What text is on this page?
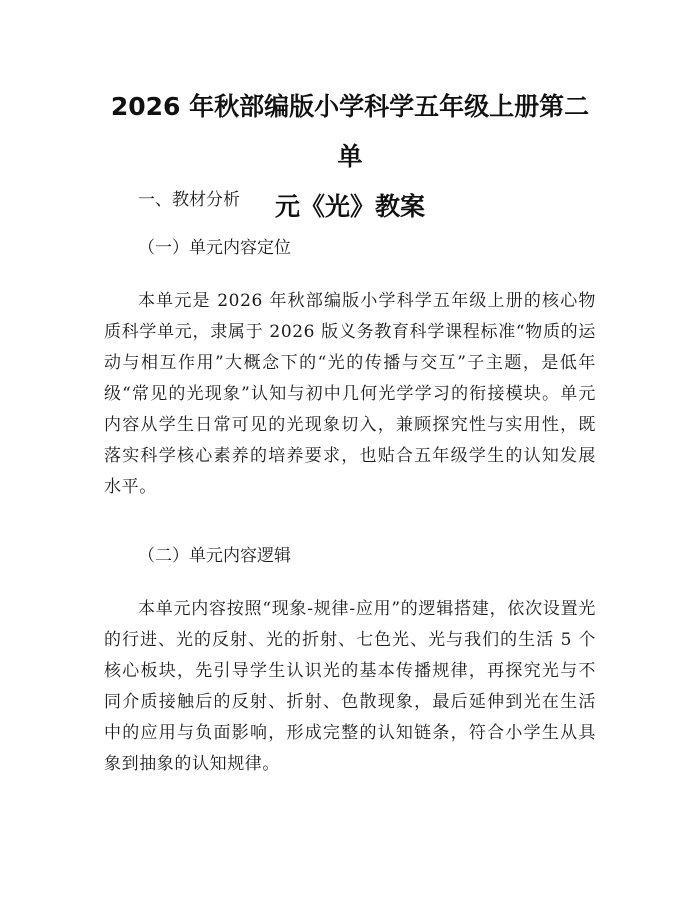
2026 年秋部编版小学科学五年级上册第二单
元《光》教案

一、教材分析

（一）单元内容定位

本单元是 2026 年秋部编版小学科学五年级上册的核心物质科学单元，隶属于 2026 版义务教育科学课程标准“物质的运动与相互作用”大概念下的“光的传播与交互”子主题，是低年级“常见的光现象”认知与初中几何光学学习的衔接模块。单元内容从学生日常可见的光现象切入，兼顾探究性与实用性，既落实科学核心素养的培养要求，也贴合五年级学生的认知发展水平。

（二）单元内容逻辑

本单元内容按照“现象-规律-应用”的逻辑搭建，依次设置光的行进、光的反射、光的折射、七色光、光与我们的生活 5 个核心板块，先引导学生认识光的基本传播规律，再探究光与不同介质接触后的反射、折射、色散现象，最后延伸到光在生活中的应用与负面影响，形成完整的认知链条，符合小学生从具象到抽象的认知规律。
